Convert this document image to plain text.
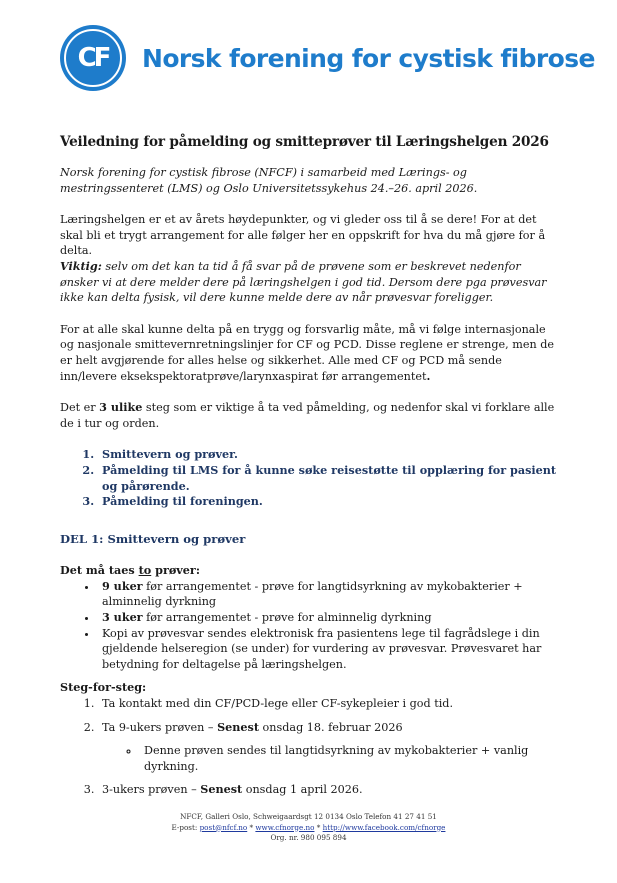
CF Norsk forening for cystisk fibrose
Veiledning for påmelding og smitteprøver til Læringshelgen 2026

Norsk forening for cystisk fibrose (NFCF) i samarbeid med Lærings- og mestringssenteret (LMS) og Oslo Universitetssykehus 24.–26. april 2026.

Læringshelgen er et av årets høydepunkter, og vi gleder oss til å se dere! For at det skal bli et trygt arrangement for alle følger her en oppskrift for hva du må gjøre for å delta.
Viktig: selv om det kan ta tid å få svar på de prøvene som er beskrevet nedenfor ønsker vi at dere melder dere på læringshelgen i god tid. Dersom dere pga prøvesvar ikke kan delta fysisk, vil dere kunne melde dere av når prøvesvar foreligger.

For at alle skal kunne delta på en trygg og forsvarlig måte, må vi følge internasjonale og nasjonale smittevernretningslinjer for CF og PCD. Disse reglene er strenge, men de er helt avgjørende for alles helse og sikkerhet. Alle med CF og PCD må sende inn/levere eksekspektoratprøve/larynxaspirat før arrangementet.

Det er 3 ulike steg som er viktige å ta ved påmelding, og nedenfor skal vi forklare alle de i tur og orden.

1. Smittevern og prøver.
2. Påmelding til LMS for å kunne søke reisestøtte til opplæring for pasient og pårørende.
3. Påmelding til foreningen.

DEL 1: Smittevern og prøver

Det må taes to prøver:

• 9 uker før arrangementet - prøve for langtidsyrkning av mykobakterier + alminnelig dyrkning
• 3 uker før arrangementet - prøve for alminnelig dyrkning
• Kopi av prøvesvar sendes elektronisk fra pasientens lege til fagrådslege i din gjeldende helseregion (se under) for vurdering av prøvesvar. Prøvesvaret har betydning for deltagelse på læringshelgen.

Steg-for-steg:

1. Ta kontakt med din CF/PCD-lege eller CF-sykepleier i god tid.
2. Ta 9-ukers prøven – Senest onsdag 18. februar 2026
◦ Denne prøven sendes til langtidsyrkning av mykobakterier + vanlig dyrkning.
3. 3-ukers prøven – Senest onsdag 1 april 2026.
NFCF, Galleri Oslo, Schweigaardsgt 12 0134 Oslo Telefon 41 27 41 51
E-post: post@nfcf.no * www.cfnorge.no * http://www.facebook.com/cfnorge
Org. nr. 980 095 894
